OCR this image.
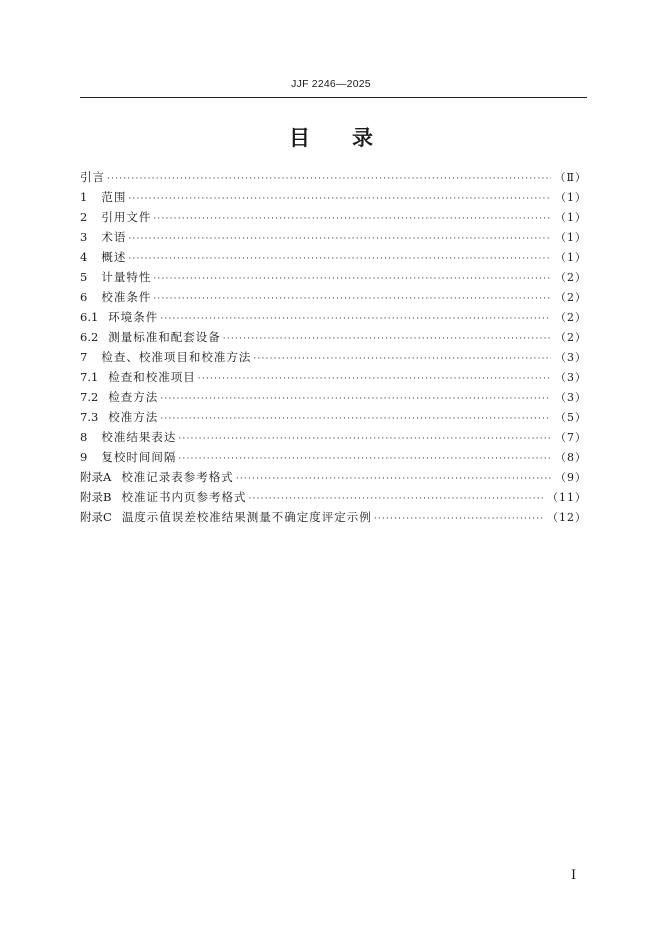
JJF 2246—2025
目录
引言 ·····	（Ⅱ）
1 范围 ·····	（1）
2 引用文件 ·····	（1）
3 术语 ·····	（1）
4 概述 ·····	（1）
5 计量特性 ·····	（2）
6 校准条件 ·····	（2）
6.1 环境条件 ·····	（2）
6.2 测量标准和配套设备 ·····	（2）
7 检查、校准项目和校准方法 ·····	（3）
7.1 检查和校准项目 ·····	（3）
7.2 检查方法 ·····	（3）
7.3 校准方法 ·····	（5）
8 校准结果表达 ·····	（7）
9 复校时间间隔 ·····	（8）
附录A 校准记录表参考格式 ·····	（9）
附录B 校准证书内页参考格式 ·····	（11）
附录C 温度示值误差校准结果测量不确定度评定示例 ·····	（12）
Ⅰ
